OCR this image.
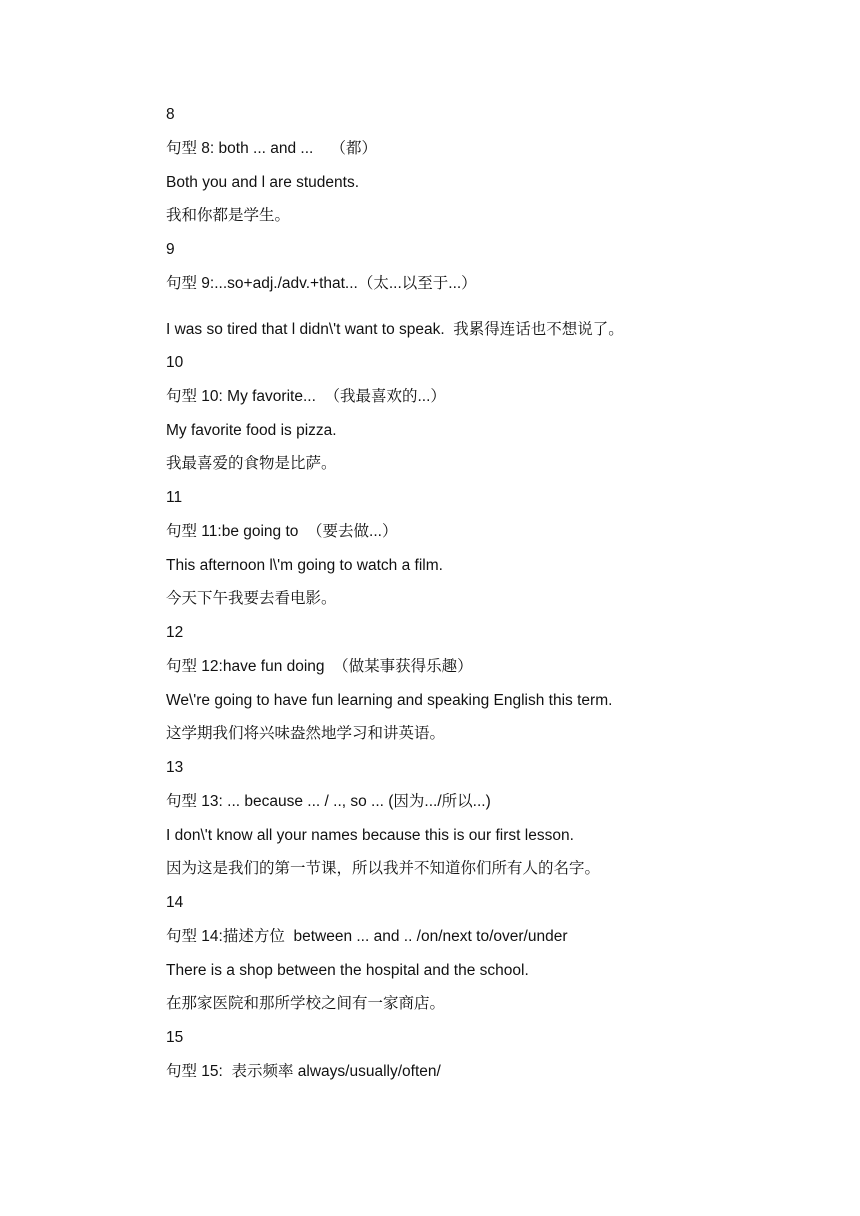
8
句型 8: both ... and ...    （都）
Both you and l are students.
我和你都是学生。
9
句型 9:...so+adj./adv.+that...（太...以至于...）
I was so tired that l didn\'t want to speak.  我累得连话也不想说了。
10
句型 10: My favorite...  （我最喜欢的...）
My favorite food is pizza.
我最喜爱的食物是比萨。
11
句型 11:be going to  （要去做...）
This afternoon l\'m going to watch a film.
今天下午我要去看电影。
12
句型 12:have fun doing  （做某事获得乐趣）
We\'re going to have fun learning and speaking English this term.
这学期我们将兴味盎然地学习和讲英语。
13
句型 13: ... because ... / .., so ... (因为.../所以...)
I don\'t know all your names because this is our first lesson.
因为这是我们的第一节课，所以我并不知道你们所有人的名字。
14
句型 14:描述方位  between ... and .. /on/next to/over/under
There is a shop between the hospital and the school.
在那家医院和那所学校之间有一家商店。
15
句型 15:  表示频率 always/usually/often/
